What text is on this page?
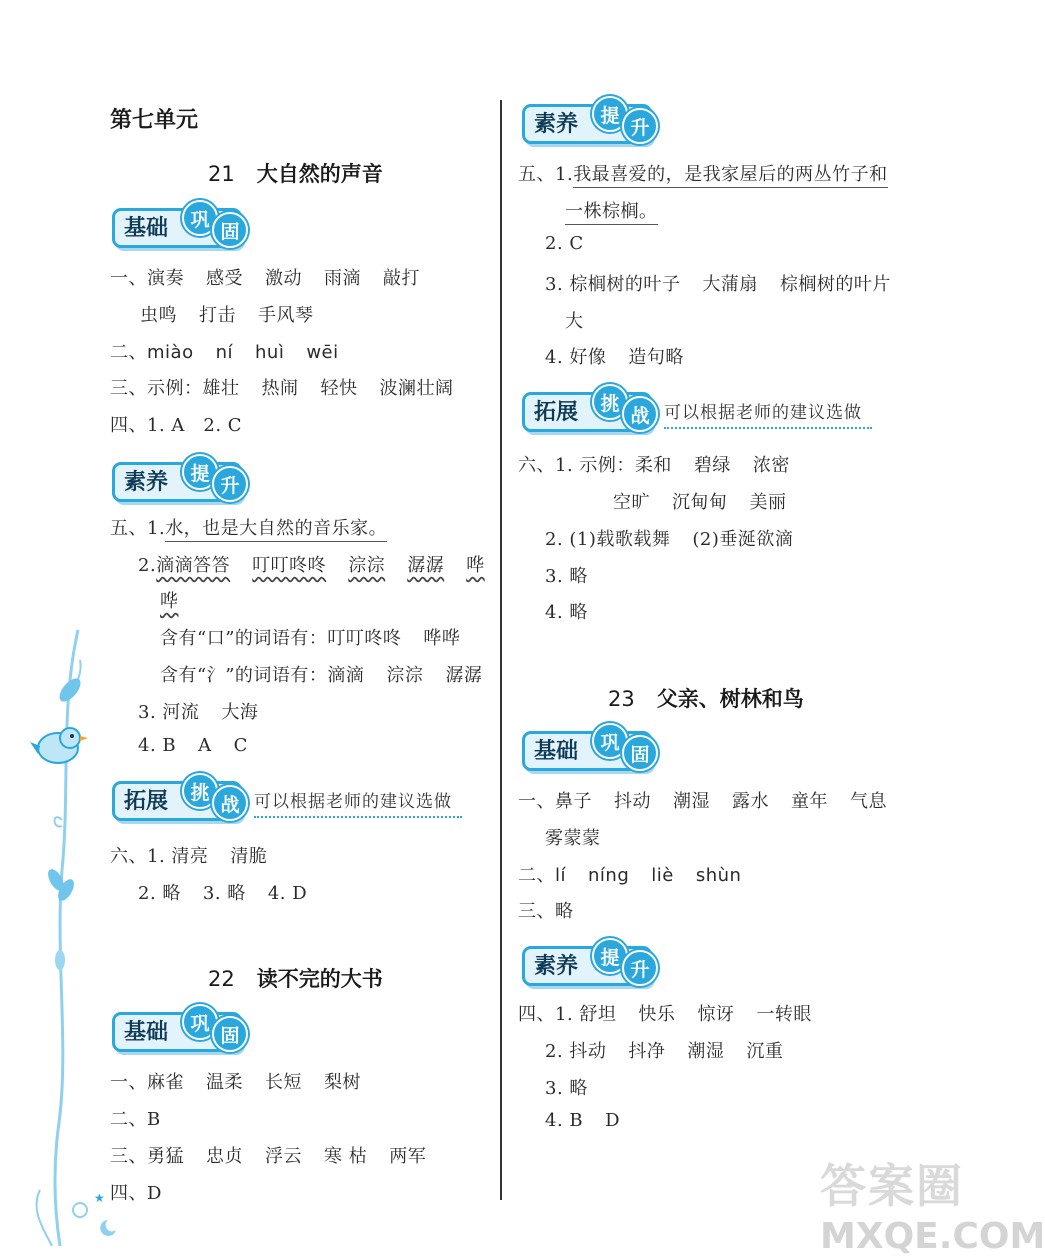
★
第七单元
21 大自然的声音
基础	巩
固
一、演奏 感受 激动 雨滴 敲打
虫鸣 打击 手风琴
二、miào ní huì wēi
三、示例：雄壮 热闹 轻快 波澜壮阔
四、1. A　2. C
素养	提
升
五、1.水，也是大自然的音乐家。
2.滴滴答答 叮叮咚咚 淙淙 潺潺 哗
哗
含有“口”的词语有：叮叮咚咚 哗哗
含有“氵”的词语有：滴滴 淙淙 潺潺
3. 河流 大海
4. B A C
拓展	挑
战 可以根据老师的建议选做
六、1. 清亮 清脆
2. 略 3. 略 4. D
22 读不完的大书
基础	巩
固
一、麻雀 温柔 长短 梨树
二、B
三、勇猛 忠贞 浮云 寒 枯 两军
四、D
素养	提
升
五、1.我最喜爱的，是我家屋后的两丛竹子和
一株棕榈。
2. C
3. 棕榈树的叶子 大蒲扇 棕榈树的叶片
大
4. 好像 造句略
拓展	挑
战 可以根据老师的建议选做
六、1. 示例：柔和 碧绿 浓密
空旷 沉甸甸 美丽
2. (1)载歌载舞 (2)垂涎欲滴
3. 略
4. 略
23 父亲、树林和鸟
基础	巩
固
一、鼻子 抖动 潮湿 露水 童年 气息
雾蒙蒙
二、lí níng liè shùn
三、略
素养	提
升
四、1. 舒坦 快乐 惊讶 一转眼
2. 抖动 抖净 潮湿 沉重
3. 略
4. B D
答案圈
MXQE.COM
